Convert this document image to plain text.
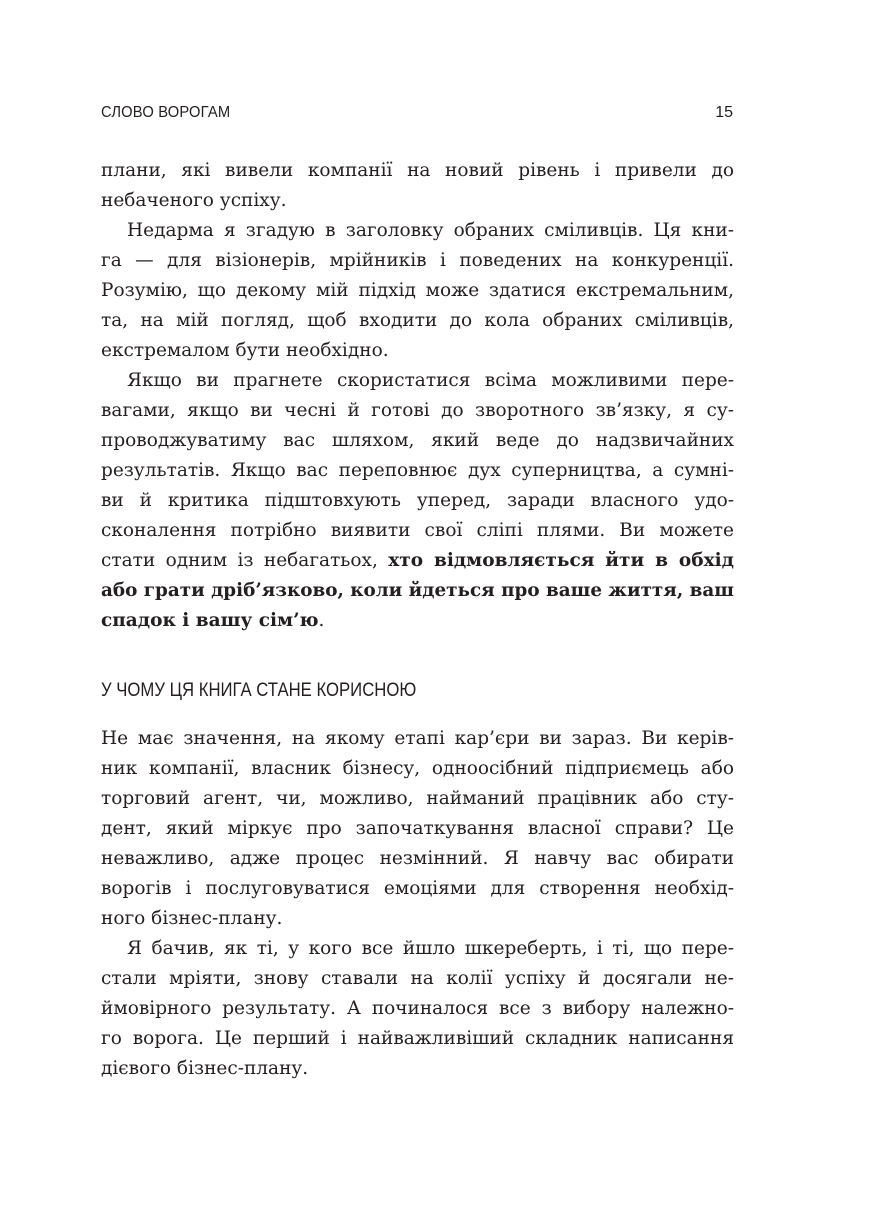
СЛОВО ВОРОГАМ	15
плани, які вивели компанії на новий рівень і привели до
небаченого успіху.
Недарма я згадую в заголовку обраних сміливців. Ця кни-
га — для візіонерів, мрійників і поведених на конкуренції.
Розумію, що декому мій підхід може здатися екстремальним,
та, на мій погляд, щоб входити до кола обраних сміливців,
екстремалом бути необхідно.
Якщо ви прагнете скористатися всіма можливими пере-
вагами, якщо ви чесні й готові до зворотного зв’язку, я су-
проводжуватиму вас шляхом, який веде до надзвичайних
результатів. Якщо вас переповнює дух суперництва, а сумні-
ви й критика підштовхують уперед, заради власного удо-
сконалення потрібно виявити свої сліпі плями. Ви можете
стати одним із небагатьох, хто відмовляється йти в обхід
або грати дріб’язково, коли йдеться про ваше життя, ваш
спадок і вашу сім’ю.
У ЧОМУ ЦЯ КНИГА СТАНЕ КОРИСНОЮ
Не має значення, на якому етапі кар’єри ви зараз. Ви керів-
ник компанії, власник бізнесу, одноосібний підприємець або
торговий агент, чи, можливо, найманий працівник або сту-
дент, який міркує про започаткування власної справи? Це
неважливо, адже процес незмінний. Я навчу вас обирати
ворогів і послуговуватися емоціями для створення необхід-
ного бізнес-плану.
Я бачив, як ті, у кого все йшло шкереберть, і ті, що пере-
стали мріяти, знову ставали на колії успіху й досягали не-
ймовірного результату. А починалося все з вибору належно-
го ворога. Це перший і найважливіший складник написання
дієвого бізнес-плану.
